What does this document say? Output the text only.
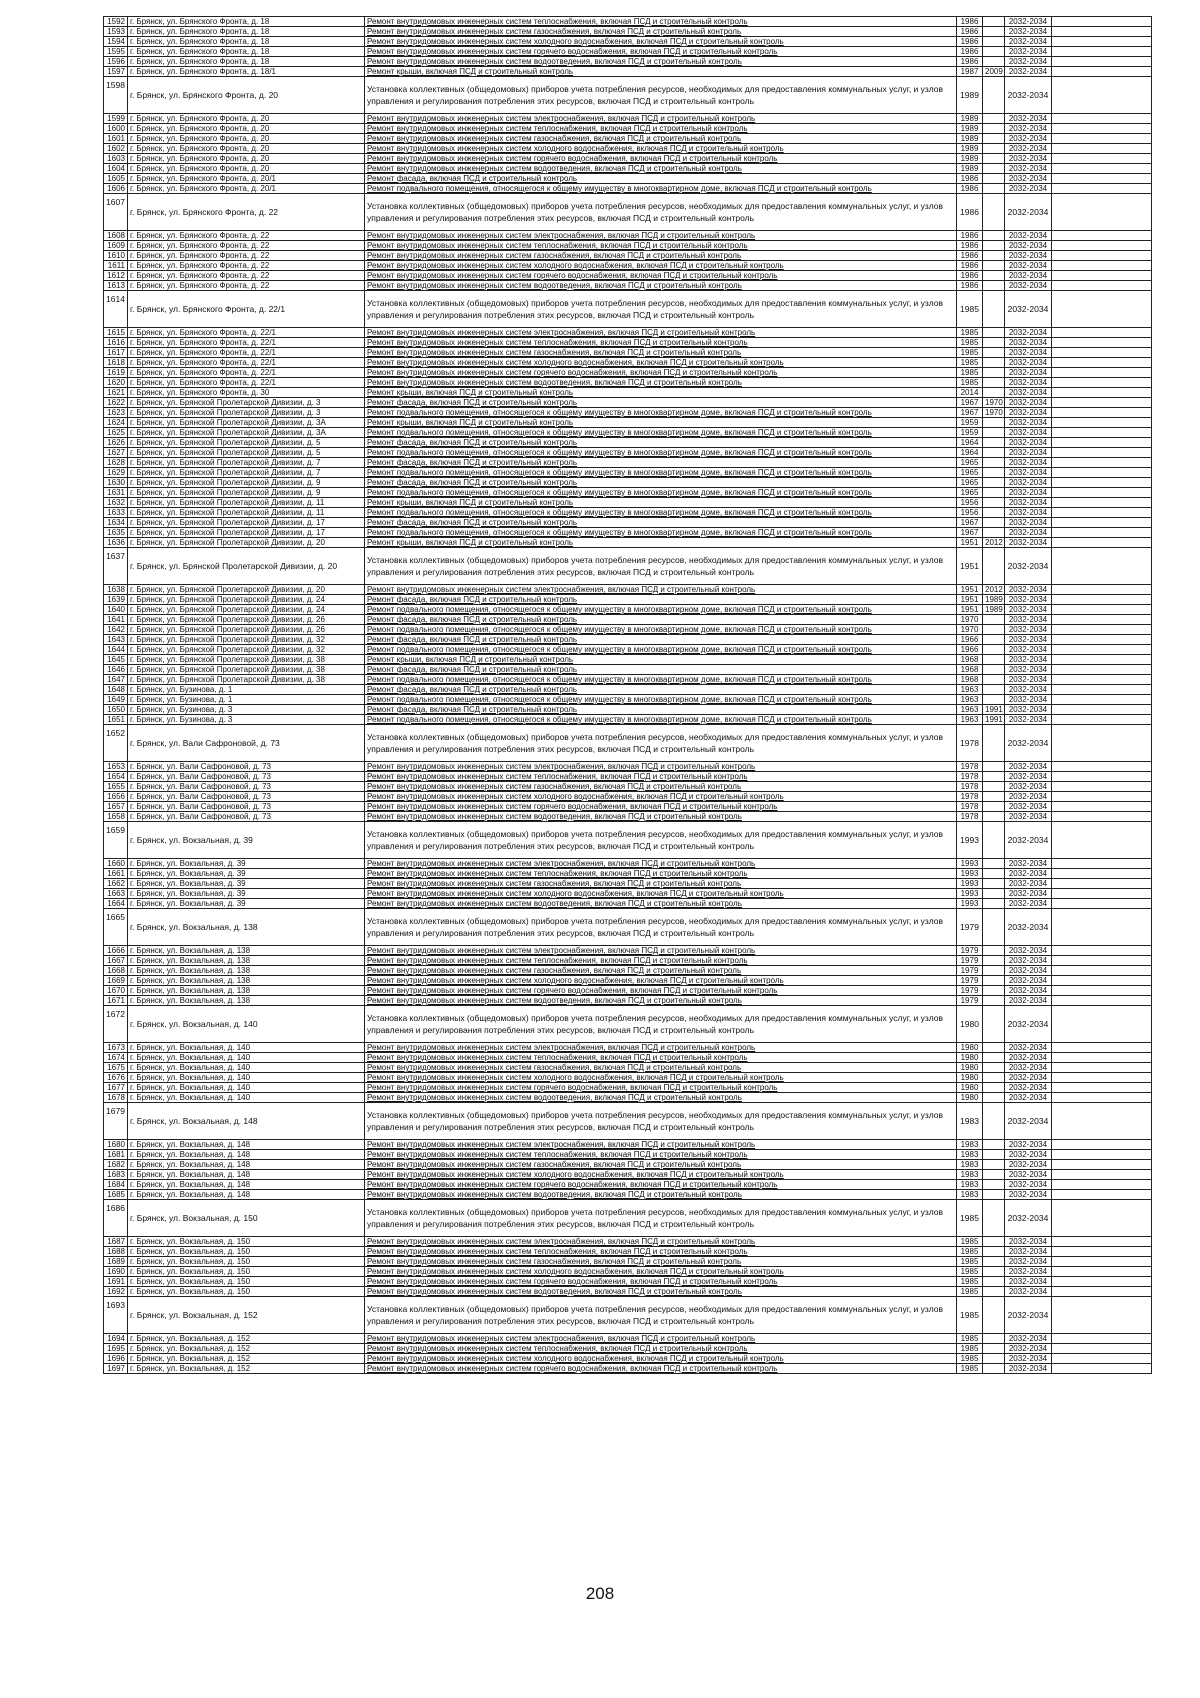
1592	г. Брянск, ул. Брянского Фронта, д. 18	Ремонт внутридомовых инженерных систем теплоснабжения, включая ПСД и строительный контроль	1986		2032-2034	
1593	г. Брянск, ул. Брянского Фронта, д. 18	Ремонт внутридомовых инженерных систем газоснабжения, включая ПСД и строительный контроль	1986		2032-2034	
1594	г. Брянск, ул. Брянского Фронта, д. 18	Ремонт внутридомовых инженерных систем холодного водоснабжения, включая ПСД и строительный контроль	1986		2032-2034	
1595	г. Брянск, ул. Брянского Фронта, д. 18	Ремонт внутридомовых инженерных систем горячего водоснабжения, включая ПСД и строительный контроль	1986		2032-2034	
1596	г. Брянск, ул. Брянского Фронта, д. 18	Ремонт внутридомовых инженерных систем водоотведения, включая ПСД и строительный контроль	1986		2032-2034	
1597	г. Брянск, ул. Брянского Фронта, д. 18/1	Ремонт крыши, включая ПСД и строительный контроль	1987	2009	2032-2034	
1598	г. Брянск, ул. Брянского Фронта, д. 20	Установка коллективных (общедомовых) приборов учета потребления ресурсов, необходимых для предоставления коммунальных услуг, и узлов управления и регулирования потребления этих ресурсов, включая ПСД и строительный контроль	1989		2032-2034	
1599	г. Брянск, ул. Брянского Фронта, д. 20	Ремонт внутридомовых инженерных систем электроснабжения, включая ПСД и строительный контроль	1989		2032-2034	
1600	г. Брянск, ул. Брянского Фронта, д. 20	Ремонт внутридомовых инженерных систем теплоснабжения, включая ПСД и строительный контроль	1989		2032-2034	
1601	г. Брянск, ул. Брянского Фронта, д. 20	Ремонт внутридомовых инженерных систем газоснабжения, включая ПСД и строительный контроль	1989		2032-2034	
1602	г. Брянск, ул. Брянского Фронта, д. 20	Ремонт внутридомовых инженерных систем холодного водоснабжения, включая ПСД и строительный контроль	1989		2032-2034	
1603	г. Брянск, ул. Брянского Фронта, д. 20	Ремонт внутридомовых инженерных систем горячего водоснабжения, включая ПСД и строительный контроль	1989		2032-2034	
1604	г. Брянск, ул. Брянского Фронта, д. 20	Ремонт внутридомовых инженерных систем водоотведения, включая ПСД и строительный контроль	1989		2032-2034	
1605	г. Брянск, ул. Брянского Фронта, д. 20/1	Ремонт фасада, включая ПСД и строительный контроль	1986		2032-2034	
1606	г. Брянск, ул. Брянского Фронта, д. 20/1	Ремонт подвального помещения, относящегося к общему имуществу в многоквартирном доме, включая ПСД и строительный контроль	1986		2032-2034	
1607	г. Брянск, ул. Брянского Фронта, д. 22	Установка коллективных (общедомовых) приборов учета потребления ресурсов, необходимых для предоставления коммунальных услуг, и узлов управления и регулирования потребления этих ресурсов, включая ПСД и строительный контроль	1986		2032-2034	
1608	г. Брянск, ул. Брянского Фронта, д. 22	Ремонт внутридомовых инженерных систем электроснабжения, включая ПСД и строительный контроль	1986		2032-2034	
1609	г. Брянск, ул. Брянского Фронта, д. 22	Ремонт внутридомовых инженерных систем теплоснабжения, включая ПСД и строительный контроль	1986		2032-2034	
1610	г. Брянск, ул. Брянского Фронта, д. 22	Ремонт внутридомовых инженерных систем газоснабжения, включая ПСД и строительный контроль	1986		2032-2034	
1611	г. Брянск, ул. Брянского Фронта, д. 22	Ремонт внутридомовых инженерных систем холодного водоснабжения, включая ПСД и строительный контроль	1986		2032-2034	
1612	г. Брянск, ул. Брянского Фронта, д. 22	Ремонт внутридомовых инженерных систем горячего водоснабжения, включая ПСД и строительный контроль	1986		2032-2034	
1613	г. Брянск, ул. Брянского Фронта, д. 22	Ремонт внутридомовых инженерных систем водоотведения, включая ПСД и строительный контроль	1986		2032-2034	
1614	г. Брянск, ул. Брянского Фронта, д. 22/1	Установка коллективных (общедомовых) приборов учета потребления ресурсов, необходимых для предоставления коммунальных услуг, и узлов управления и регулирования потребления этих ресурсов, включая ПСД и строительный контроль	1985		2032-2034	
1615	г. Брянск, ул. Брянского Фронта, д. 22/1	Ремонт внутридомовых инженерных систем электроснабжения, включая ПСД и строительный контроль	1985		2032-2034	
1616	г. Брянск, ул. Брянского Фронта, д. 22/1	Ремонт внутридомовых инженерных систем теплоснабжения, включая ПСД и строительный контроль	1985		2032-2034	
1617	г. Брянск, ул. Брянского Фронта, д. 22/1	Ремонт внутридомовых инженерных систем газоснабжения, включая ПСД и строительный контроль	1985		2032-2034	
1618	г. Брянск, ул. Брянского Фронта, д. 22/1	Ремонт внутридомовых инженерных систем холодного водоснабжения, включая ПСД и строительный контроль	1985		2032-2034	
1619	г. Брянск, ул. Брянского Фронта, д. 22/1	Ремонт внутридомовых инженерных систем горячего водоснабжения, включая ПСД и строительный контроль	1985		2032-2034	
1620	г. Брянск, ул. Брянского Фронта, д. 22/1	Ремонт внутридомовых инженерных систем водоотведения, включая ПСД и строительный контроль	1985		2032-2034	
1621	г. Брянск, ул. Брянского Фронта, д. 30	Ремонт крыши, включая ПСД и строительный контроль	2014		2032-2034	
1622	г. Брянск, ул. Брянской Пролетарской Дивизии, д. 3	Ремонт фасада, включая ПСД и строительный контроль	1967	1970	2032-2034	
1623	г. Брянск, ул. Брянской Пролетарской Дивизии, д. 3	Ремонт подвального помещения, относящегося к общему имуществу в многоквартирном доме, включая ПСД и строительный контроль	1967	1970	2032-2034	
1624	г. Брянск, ул. Брянской Пролетарской Дивизии, д. 3А	Ремонт крыши, включая ПСД и строительный контроль	1959		2032-2034	
1625	г. Брянск, ул. Брянской Пролетарской Дивизии, д. 3А	Ремонт подвального помещения, относящегося к общему имуществу в многоквартирном доме, включая ПСД и строительный контроль	1959		2032-2034	
1626	г. Брянск, ул. Брянской Пролетарской Дивизии, д. 5	Ремонт фасада, включая ПСД и строительный контроль	1964		2032-2034	
1627	г. Брянск, ул. Брянской Пролетарской Дивизии, д. 5	Ремонт подвального помещения, относящегося к общему имуществу в многоквартирном доме, включая ПСД и строительный контроль	1964		2032-2034	
1628	г. Брянск, ул. Брянской Пролетарской Дивизии, д. 7	Ремонт фасада, включая ПСД и строительный контроль	1965		2032-2034	
1629	г. Брянск, ул. Брянской Пролетарской Дивизии, д. 7	Ремонт подвального помещения, относящегося к общему имуществу в многоквартирном доме, включая ПСД и строительный контроль	1965		2032-2034	
1630	г. Брянск, ул. Брянской Пролетарской Дивизии, д. 9	Ремонт фасада, включая ПСД и строительный контроль	1965		2032-2034	
1631	г. Брянск, ул. Брянской Пролетарской Дивизии, д. 9	Ремонт подвального помещения, относящегося к общему имуществу в многоквартирном доме, включая ПСД и строительный контроль	1965		2032-2034	
1632	г. Брянск, ул. Брянской Пролетарской Дивизии, д. 11	Ремонт крыши, включая ПСД и строительный контроль	1956		2032-2034	
1633	г. Брянск, ул. Брянской Пролетарской Дивизии, д. 11	Ремонт подвального помещения, относящегося к общему имуществу в многоквартирном доме, включая ПСД и строительный контроль	1956		2032-2034	
1634	г. Брянск, ул. Брянской Пролетарской Дивизии, д. 17	Ремонт фасада, включая ПСД и строительный контроль	1967		2032-2034	
1635	г. Брянск, ул. Брянской Пролетарской Дивизии, д. 17	Ремонт подвального помещения, относящегося к общему имуществу в многоквартирном доме, включая ПСД и строительный контроль	1967		2032-2034	
1636	г. Брянск, ул. Брянской Пролетарской Дивизии, д. 20	Ремонт крыши, включая ПСД и строительный контроль	1951	2012	2032-2034	
1637	г. Брянск, ул. Брянской Пролетарской Дивизии, д. 20	Установка коллективных (общедомовых) приборов учета потребления ресурсов, необходимых для предоставления коммунальных услуг, и узлов управления и регулирования потребления этих ресурсов, включая ПСД и строительный контроль	1951		2032-2034	
1638	г. Брянск, ул. Брянской Пролетарской Дивизии, д. 20	Ремонт внутридомовых инженерных систем электроснабжения, включая ПСД и строительный контроль	1951	2012	2032-2034	
1639	г. Брянск, ул. Брянской Пролетарской Дивизии, д. 24	Ремонт фасада, включая ПСД и строительный контроль	1951	1989	2032-2034	
1640	г. Брянск, ул. Брянской Пролетарской Дивизии, д. 24	Ремонт подвального помещения, относящегося к общему имуществу в многоквартирном доме, включая ПСД и строительный контроль	1951	1989	2032-2034	
1641	г. Брянск, ул. Брянской Пролетарской Дивизии, д. 26	Ремонт фасада, включая ПСД и строительный контроль	1970		2032-2034	
1642	г. Брянск, ул. Брянской Пролетарской Дивизии, д. 26	Ремонт подвального помещения, относящегося к общему имуществу в многоквартирном доме, включая ПСД и строительный контроль	1970		2032-2034	
1643	г. Брянск, ул. Брянской Пролетарской Дивизии, д. 32	Ремонт фасада, включая ПСД и строительный контроль	1966		2032-2034	
1644	г. Брянск, ул. Брянской Пролетарской Дивизии, д. 32	Ремонт подвального помещения, относящегося к общему имуществу в многоквартирном доме, включая ПСД и строительный контроль	1966		2032-2034	
1645	г. Брянск, ул. Брянской Пролетарской Дивизии, д. 38	Ремонт крыши, включая ПСД и строительный контроль	1968		2032-2034	
1646	г. Брянск, ул. Брянской Пролетарской Дивизии, д. 38	Ремонт фасада, включая ПСД и строительный контроль	1968		2032-2034	
1647	г. Брянск, ул. Брянской Пролетарской Дивизии, д. 38	Ремонт подвального помещения, относящегося к общему имуществу в многоквартирном доме, включая ПСД и строительный контроль	1968		2032-2034	
1648	г. Брянск, ул. Бузинова, д. 1	Ремонт фасада, включая ПСД и строительный контроль	1963		2032-2034	
1649	г. Брянск, ул. Бузинова, д. 1	Ремонт подвального помещения, относящегося к общему имуществу в многоквартирном доме, включая ПСД и строительный контроль	1963		2032-2034	
1650	г. Брянск, ул. Бузинова, д. 3	Ремонт фасада, включая ПСД и строительный контроль	1963	1991	2032-2034	
1651	г. Брянск, ул. Бузинова, д. 3	Ремонт подвального помещения, относящегося к общему имуществу в многоквартирном доме, включая ПСД и строительный контроль	1963	1991	2032-2034	
1652	г. Брянск, ул. Вали Сафроновой, д. 73	Установка коллективных (общедомовых) приборов учета потребления ресурсов, необходимых для предоставления коммунальных услуг, и узлов управления и регулирования потребления этих ресурсов, включая ПСД и строительный контроль	1978		2032-2034	
1653	г. Брянск, ул. Вали Сафроновой, д. 73	Ремонт внутридомовых инженерных систем электроснабжения, включая ПСД и строительный контроль	1978		2032-2034	
1654	г. Брянск, ул. Вали Сафроновой, д. 73	Ремонт внутридомовых инженерных систем теплоснабжения, включая ПСД и строительный контроль	1978		2032-2034	
1655	г. Брянск, ул. Вали Сафроновой, д. 73	Ремонт внутридомовых инженерных систем газоснабжения, включая ПСД и строительный контроль	1978		2032-2034	
1656	г. Брянск, ул. Вали Сафроновой, д. 73	Ремонт внутридомовых инженерных систем холодного водоснабжения, включая ПСД и строительный контроль	1978		2032-2034	
1657	г. Брянск, ул. Вали Сафроновой, д. 73	Ремонт внутридомовых инженерных систем горячего водоснабжения, включая ПСД и строительный контроль	1978		2032-2034	
1658	г. Брянск, ул. Вали Сафроновой, д. 73	Ремонт внутридомовых инженерных систем водоотведения, включая ПСД и строительный контроль	1978		2032-2034	
1659	г. Брянск, ул. Вокзальная, д. 39	Установка коллективных (общедомовых) приборов учета потребления ресурсов, необходимых для предоставления коммунальных услуг, и узлов управления и регулирования потребления этих ресурсов, включая ПСД и строительный контроль	1993		2032-2034	
1660	г. Брянск, ул. Вокзальная, д. 39	Ремонт внутридомовых инженерных систем электроснабжения, включая ПСД и строительный контроль	1993		2032-2034	
1661	г. Брянск, ул. Вокзальная, д. 39	Ремонт внутридомовых инженерных систем теплоснабжения, включая ПСД и строительный контроль	1993		2032-2034	
1662	г. Брянск, ул. Вокзальная, д. 39	Ремонт внутридомовых инженерных систем газоснабжения, включая ПСД и строительный контроль	1993		2032-2034	
1663	г. Брянск, ул. Вокзальная, д. 39	Ремонт внутридомовых инженерных систем холодного водоснабжения, включая ПСД и строительный контроль	1993		2032-2034	
1664	г. Брянск, ул. Вокзальная, д. 39	Ремонт внутридомовых инженерных систем водоотведения, включая ПСД и строительный контроль	1993		2032-2034	
1665	г. Брянск, ул. Вокзальная, д. 138	Установка коллективных (общедомовых) приборов учета потребления ресурсов, необходимых для предоставления коммунальных услуг, и узлов управления и регулирования потребления этих ресурсов, включая ПСД и строительный контроль	1979		2032-2034	
1666	г. Брянск, ул. Вокзальная, д. 138	Ремонт внутридомовых инженерных систем электроснабжения, включая ПСД и строительный контроль	1979		2032-2034	
1667	г. Брянск, ул. Вокзальная, д. 138	Ремонт внутридомовых инженерных систем теплоснабжения, включая ПСД и строительный контроль	1979		2032-2034	
1668	г. Брянск, ул. Вокзальная, д. 138	Ремонт внутридомовых инженерных систем газоснабжения, включая ПСД и строительный контроль	1979		2032-2034	
1669	г. Брянск, ул. Вокзальная, д. 138	Ремонт внутридомовых инженерных систем холодного водоснабжения, включая ПСД и строительный контроль	1979		2032-2034	
1670	г. Брянск, ул. Вокзальная, д. 138	Ремонт внутридомовых инженерных систем горячего водоснабжения, включая ПСД и строительный контроль	1979		2032-2034	
1671	г. Брянск, ул. Вокзальная, д. 138	Ремонт внутридомовых инженерных систем водоотведения, включая ПСД и строительный контроль	1979		2032-2034	
1672	г. Брянск, ул. Вокзальная, д. 140	Установка коллективных (общедомовых) приборов учета потребления ресурсов, необходимых для предоставления коммунальных услуг, и узлов управления и регулирования потребления этих ресурсов, включая ПСД и строительный контроль	1980		2032-2034	
1673	г. Брянск, ул. Вокзальная, д. 140	Ремонт внутридомовых инженерных систем электроснабжения, включая ПСД и строительный контроль	1980		2032-2034	
1674	г. Брянск, ул. Вокзальная, д. 140	Ремонт внутридомовых инженерных систем теплоснабжения, включая ПСД и строительный контроль	1980		2032-2034	
1675	г. Брянск, ул. Вокзальная, д. 140	Ремонт внутридомовых инженерных систем газоснабжения, включая ПСД и строительный контроль	1980		2032-2034	
1676	г. Брянск, ул. Вокзальная, д. 140	Ремонт внутридомовых инженерных систем холодного водоснабжения, включая ПСД и строительный контроль	1980		2032-2034	
1677	г. Брянск, ул. Вокзальная, д. 140	Ремонт внутридомовых инженерных систем горячего водоснабжения, включая ПСД и строительный контроль	1980		2032-2034	
1678	г. Брянск, ул. Вокзальная, д. 140	Ремонт внутридомовых инженерных систем водоотведения, включая ПСД и строительный контроль	1980		2032-2034	
1679	г. Брянск, ул. Вокзальная, д. 148	Установка коллективных (общедомовых) приборов учета потребления ресурсов, необходимых для предоставления коммунальных услуг, и узлов управления и регулирования потребления этих ресурсов, включая ПСД и строительный контроль	1983		2032-2034	
1680	г. Брянск, ул. Вокзальная, д. 148	Ремонт внутридомовых инженерных систем электроснабжения, включая ПСД и строительный контроль	1983		2032-2034	
1681	г. Брянск, ул. Вокзальная, д. 148	Ремонт внутридомовых инженерных систем теплоснабжения, включая ПСД и строительный контроль	1983		2032-2034	
1682	г. Брянск, ул. Вокзальная, д. 148	Ремонт внутридомовых инженерных систем газоснабжения, включая ПСД и строительный контроль	1983		2032-2034	
1683	г. Брянск, ул. Вокзальная, д. 148	Ремонт внутридомовых инженерных систем холодного водоснабжения, включая ПСД и строительный контроль	1983		2032-2034	
1684	г. Брянск, ул. Вокзальная, д. 148	Ремонт внутридомовых инженерных систем горячего водоснабжения, включая ПСД и строительный контроль	1983		2032-2034	
1685	г. Брянск, ул. Вокзальная, д. 148	Ремонт внутридомовых инженерных систем водоотведения, включая ПСД и строительный контроль	1983		2032-2034	
1686	г. Брянск, ул. Вокзальная, д. 150	Установка коллективных (общедомовых) приборов учета потребления ресурсов, необходимых для предоставления коммунальных услуг, и узлов управления и регулирования потребления этих ресурсов, включая ПСД и строительный контроль	1985		2032-2034	
1687	г. Брянск, ул. Вокзальная, д. 150	Ремонт внутридомовых инженерных систем электроснабжения, включая ПСД и строительный контроль	1985		2032-2034	
1688	г. Брянск, ул. Вокзальная, д. 150	Ремонт внутридомовых инженерных систем теплоснабжения, включая ПСД и строительный контроль	1985		2032-2034	
1689	г. Брянск, ул. Вокзальная, д. 150	Ремонт внутридомовых инженерных систем газоснабжения, включая ПСД и строительный контроль	1985		2032-2034	
1690	г. Брянск, ул. Вокзальная, д. 150	Ремонт внутридомовых инженерных систем холодного водоснабжения, включая ПСД и строительный контроль	1985		2032-2034	
1691	г. Брянск, ул. Вокзальная, д. 150	Ремонт внутридомовых инженерных систем горячего водоснабжения, включая ПСД и строительный контроль	1985		2032-2034	
1692	г. Брянск, ул. Вокзальная, д. 150	Ремонт внутридомовых инженерных систем водоотведения, включая ПСД и строительный контроль	1985		2032-2034	
1693	г. Брянск, ул. Вокзальная, д. 152	Установка коллективных (общедомовых) приборов учета потребления ресурсов, необходимых для предоставления коммунальных услуг, и узлов управления и регулирования потребления этих ресурсов, включая ПСД и строительный контроль	1985		2032-2034	
1694	г. Брянск, ул. Вокзальная, д. 152	Ремонт внутридомовых инженерных систем электроснабжения, включая ПСД и строительный контроль	1985		2032-2034	
1695	г. Брянск, ул. Вокзальная, д. 152	Ремонт внутридомовых инженерных систем теплоснабжения, включая ПСД и строительный контроль	1985		2032-2034	
1696	г. Брянск, ул. Вокзальная, д. 152	Ремонт внутридомовых инженерных систем холодного водоснабжения, включая ПСД и строительный контроль	1985		2032-2034	
1697	г. Брянск, ул. Вокзальная, д. 152	Ремонт внутридомовых инженерных систем горячего водоснабжения, включая ПСД и строительный контроль	1985		2032-2034	
208
